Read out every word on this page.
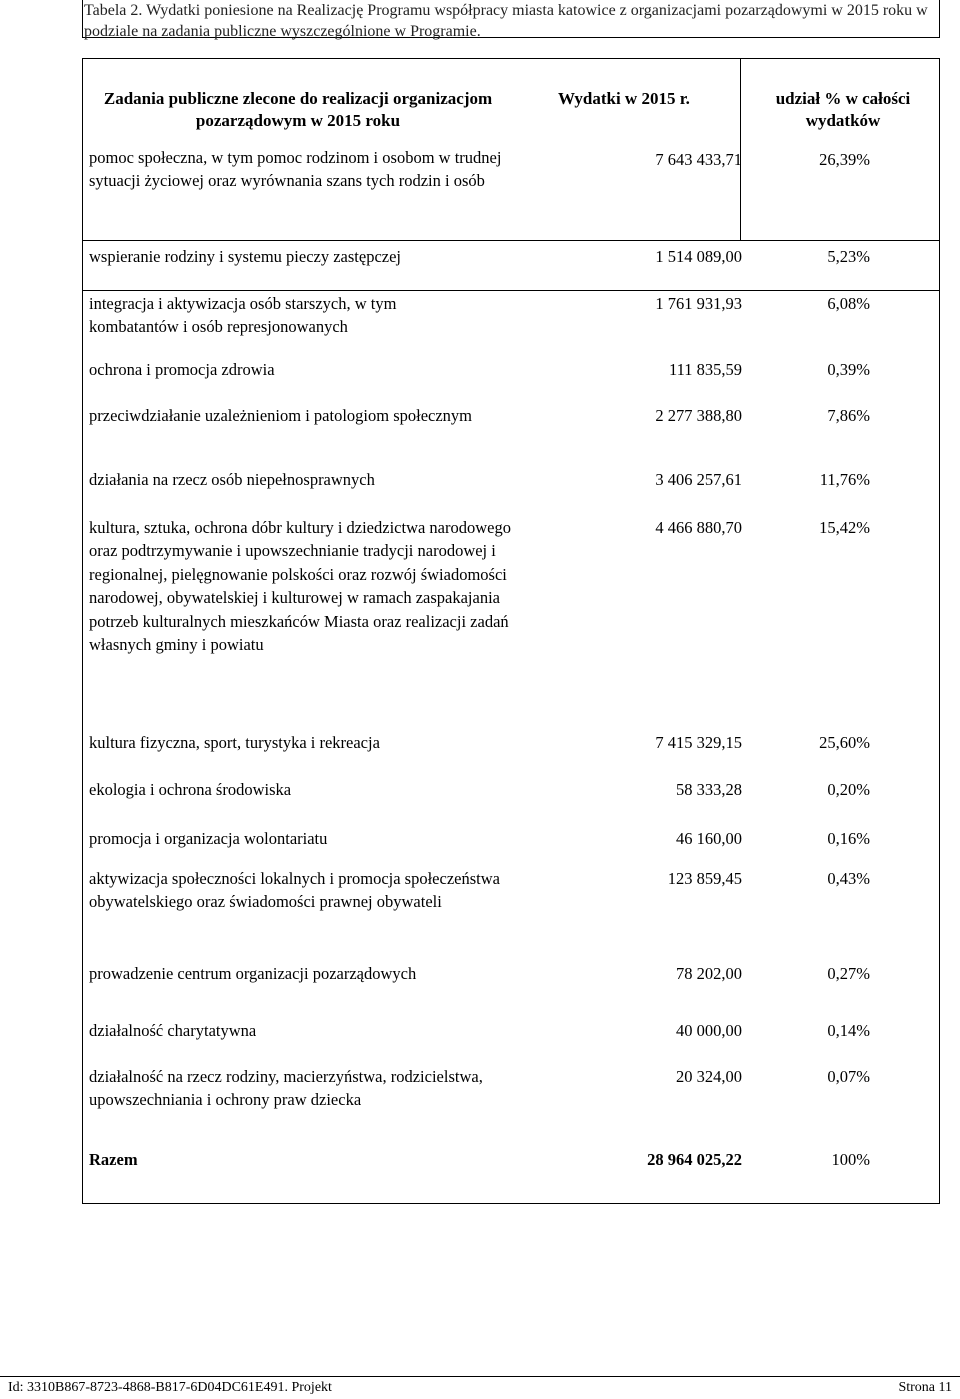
Tabela 2. Wydatki poniesione na Realizację Programu współpracy miasta katowice z organizacjami pozarządowymi w 2015 roku w podziale na zadania publiczne wyszczególnione w Programie.
Zadania publiczne zlecone do realizacji organizacjom pozarządowym w 2015 roku
Wydatki w 2015 r.	udział % w całości wydatków
pomoc społeczna, w tym pomoc rodzinom i osobom w trudnej sytuacji życiowej oraz wyrównania szans tych rodzin i osób
7 643 433,71	26,39%
wspieranie rodziny i systemu pieczy zastępczej	1 514 089,00	5,23%
integracja i aktywizacja osób starszych, w tym kombatantów i osób represjonowanych
1 761 931,93	6,08%
ochrona i promocja zdrowia	111 835,59	0,39%
przeciwdziałanie uzależnieniom i patologiom społecznym	2 277 388,80	7,86%
działania na rzecz osób niepełnosprawnych	3 406 257,61	11,76%
kultura, sztuka, ochrona dóbr kultury i dziedzictwa narodowego oraz podtrzymywanie i upowszechnianie tradycji narodowej i regionalnej, pielęgnowanie polskości oraz rozwój świadomości narodowej, obywatelskiej i kulturowej w ramach zaspakajania potrzeb kulturalnych mieszkańców Miasta oraz realizacji zadań własnych gminy i powiatu
4 466 880,70	15,42%
kultura fizyczna, sport, turystyka i rekreacja	7 415 329,15	25,60%
ekologia i ochrona środowiska	58 333,28	0,20%
promocja i organizacja wolontariatu	46 160,00	0,16%
aktywizacja społeczności lokalnych i promocja społeczeństwa obywatelskiego oraz świadomości prawnej obywateli
123 859,45	0,43%
prowadzenie centrum organizacji pozarządowych	78 202,00	0,27%
działalność charytatywna	40 000,00	0,14%
działalność na rzecz rodziny, macierzyństwa, rodzicielstwa, upowszechniania i ochrony praw dziecka
20 324,00	0,07%
Razem	28 964 025,22	100%
Id: 3310B867-8723-4868-B817-6D04DC61E491. Projekt	Strona 11
